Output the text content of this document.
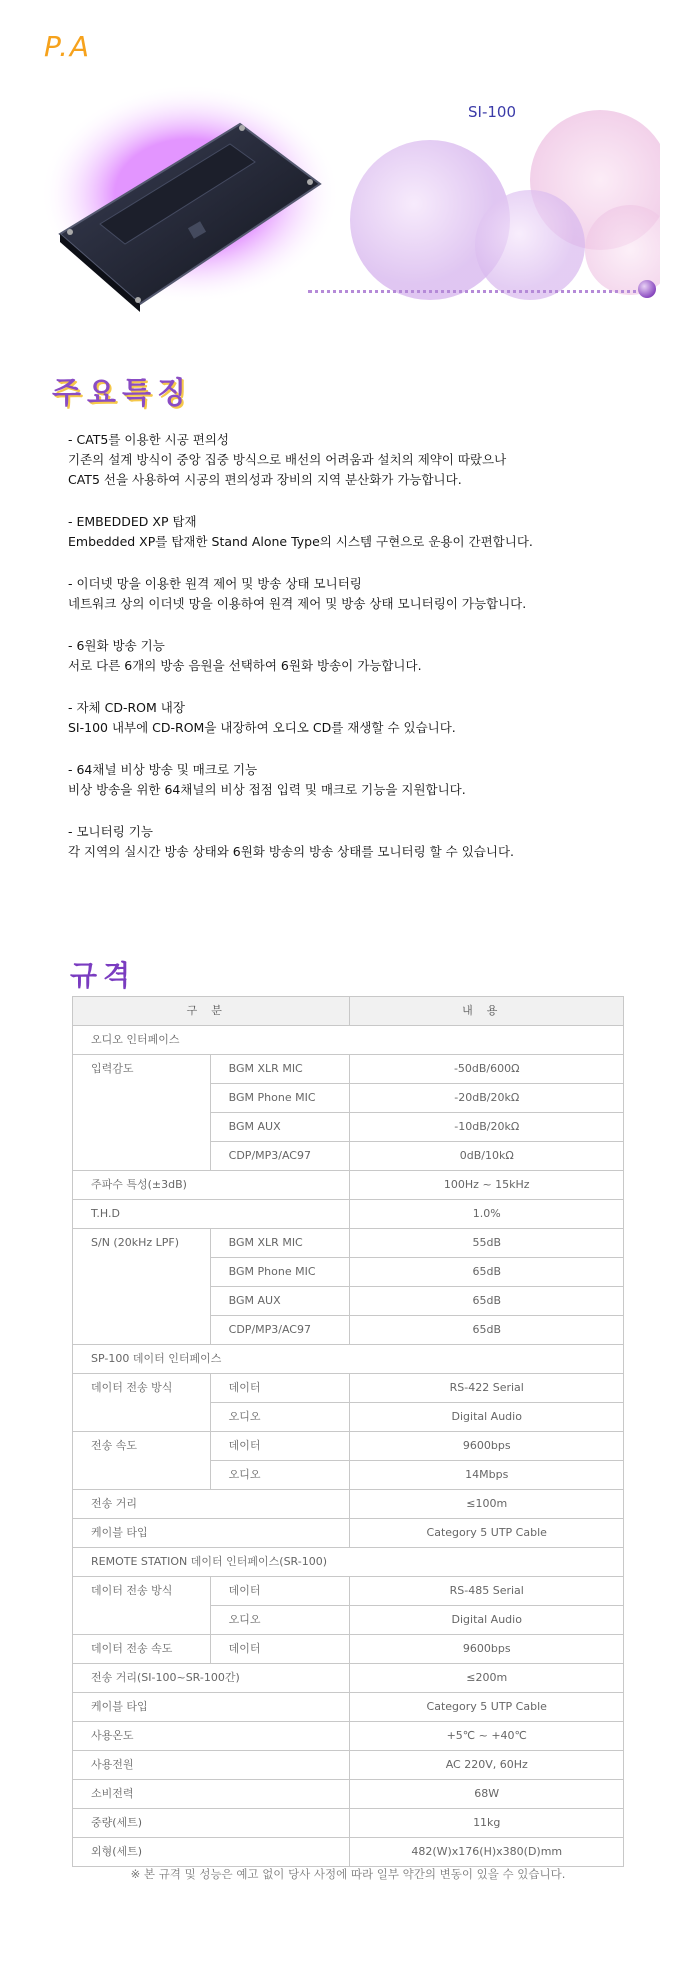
P.A
SI-100
주요특징
- CAT5를 이용한 시공 편의성
기존의 설계 방식이 중앙 집중 방식으로 배선의 어려움과 설치의 제약이 따랐으나
CAT5 선을 사용하여 시공의 편의성과 장비의 지역 분산화가 가능합니다.
- EMBEDDED XP 탑재
Embedded XP를 탑재한 Stand Alone Type의 시스템 구현으로 운용이 간편합니다.
- 이더넷 망을 이용한 원격 제어 및 방송 상태 모니터링
네트워크 상의 이더넷 망을 이용하여 원격 제어 및 방송 상태 모니터링이 가능합니다.
- 6원화 방송 기능
서로 다른 6개의 방송 음원을 선택하여 6원화 방송이 가능합니다.
- 자체 CD-ROM 내장
SI-100 내부에 CD-ROM을 내장하여 오디오 CD를 재생할 수 있습니다.
- 64채널 비상 방송 및 매크로 기능
비상 방송을 위한 64채널의 비상 접점 입력 및 매크로 기능을 지원합니다.
- 모니터링 기능
각 지역의 실시간 방송 상태와 6원화 방송의 방송 상태를 모니터링 할 수 있습니다.
규격
구분		내용
오디오 인터페이스		
입력감도	BGM XLR MIC	-50dB/600Ω
	BGM Phone MIC	-20dB/20kΩ
	BGM AUX	-10dB/20kΩ
	CDP/MP3/AC97	0dB/10kΩ
주파수 특성(±3dB)		100Hz ~ 15kHz
T.H.D		1.0%
S/N (20kHz LPF)	BGM XLR MIC	55dB
	BGM Phone MIC	65dB
	BGM AUX	65dB
	CDP/MP3/AC97	65dB
SP-100 데이터 인터페이스		
데이터 전송 방식	데이터	RS-422 Serial
	오디오	Digital Audio
전송 속도	데이터	9600bps
	오디오	14Mbps
전송 거리		≤100m
케이블 타입		Category 5 UTP Cable
REMOTE STATION 데이터 인터페이스(SR-100)		
데이터 전송 방식	데이터	RS-485 Serial
	오디오	Digital Audio
데이터 전송 속도	데이터	9600bps
전송 거리(SI-100~SR-100간)		≤200m
케이블 타입		Category 5 UTP Cable
사용온도		+5℃ ~ +40℃
사용전원		AC 220V, 60Hz
소비전력		68W
중량(세트)		11kg
외형(세트)		482(W)x176(H)x380(D)mm
※ 본 규격 및 성능은 예고 없이 당사 사정에 따라 일부 약간의 변동이 있을 수 있습니다.
